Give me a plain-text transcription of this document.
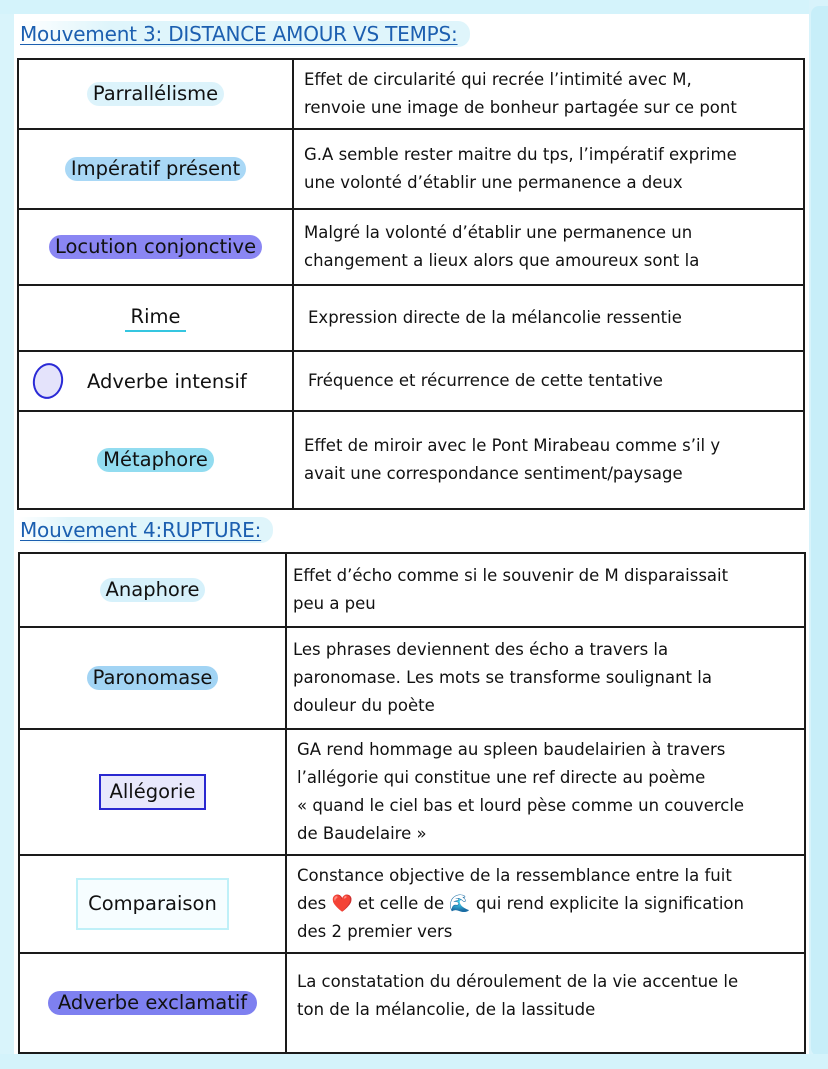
Mouvement 3: DISTANCE AMOUR VS TEMPS:
Parrallélisme	Effet de circularité qui recrée l’intimité avec M,
renvoie une image de bonheur partagée sur ce pont

Impératif présent	G.A semble rester maitre du tps, l’impératif exprime
une volonté d’établir une permanence a deux

Locution conjonctive	Malgré la volonté d’établir une permanence un
changement a lieux alors que amoureux sont la

Rime	Expression directe de la mélancolie ressentie

Adverbe intensif	Fréquence et récurrence de cette tentative

Métaphore	Effet de miroir avec le Pont Mirabeau comme s’il y
avait une correspondance sentiment/paysage
Mouvement 4:RUPTURE:
Anaphore	Effet d’écho comme si le souvenir de M disparaissait
peu a peu

Paronomase	Les phrases deviennent des écho a travers la
paronomase. Les mots se transforme soulignant la
douleur du poète

Allégorie	GA rend hommage au spleen baudelairien à travers
l’allégorie qui constitue une ref directe au poème
« quand le ciel bas et lourd pèse comme un couvercle
de Baudelaire »

Comparaison	Constance objective de la ressemblance entre la fuit
des ❤️ et celle de 🌊 qui rend explicite la signification
des 2 premier vers

Adverbe exclamatif	La constatation du déroulement de la vie accentue le
ton de la mélancolie, de la lassitude
